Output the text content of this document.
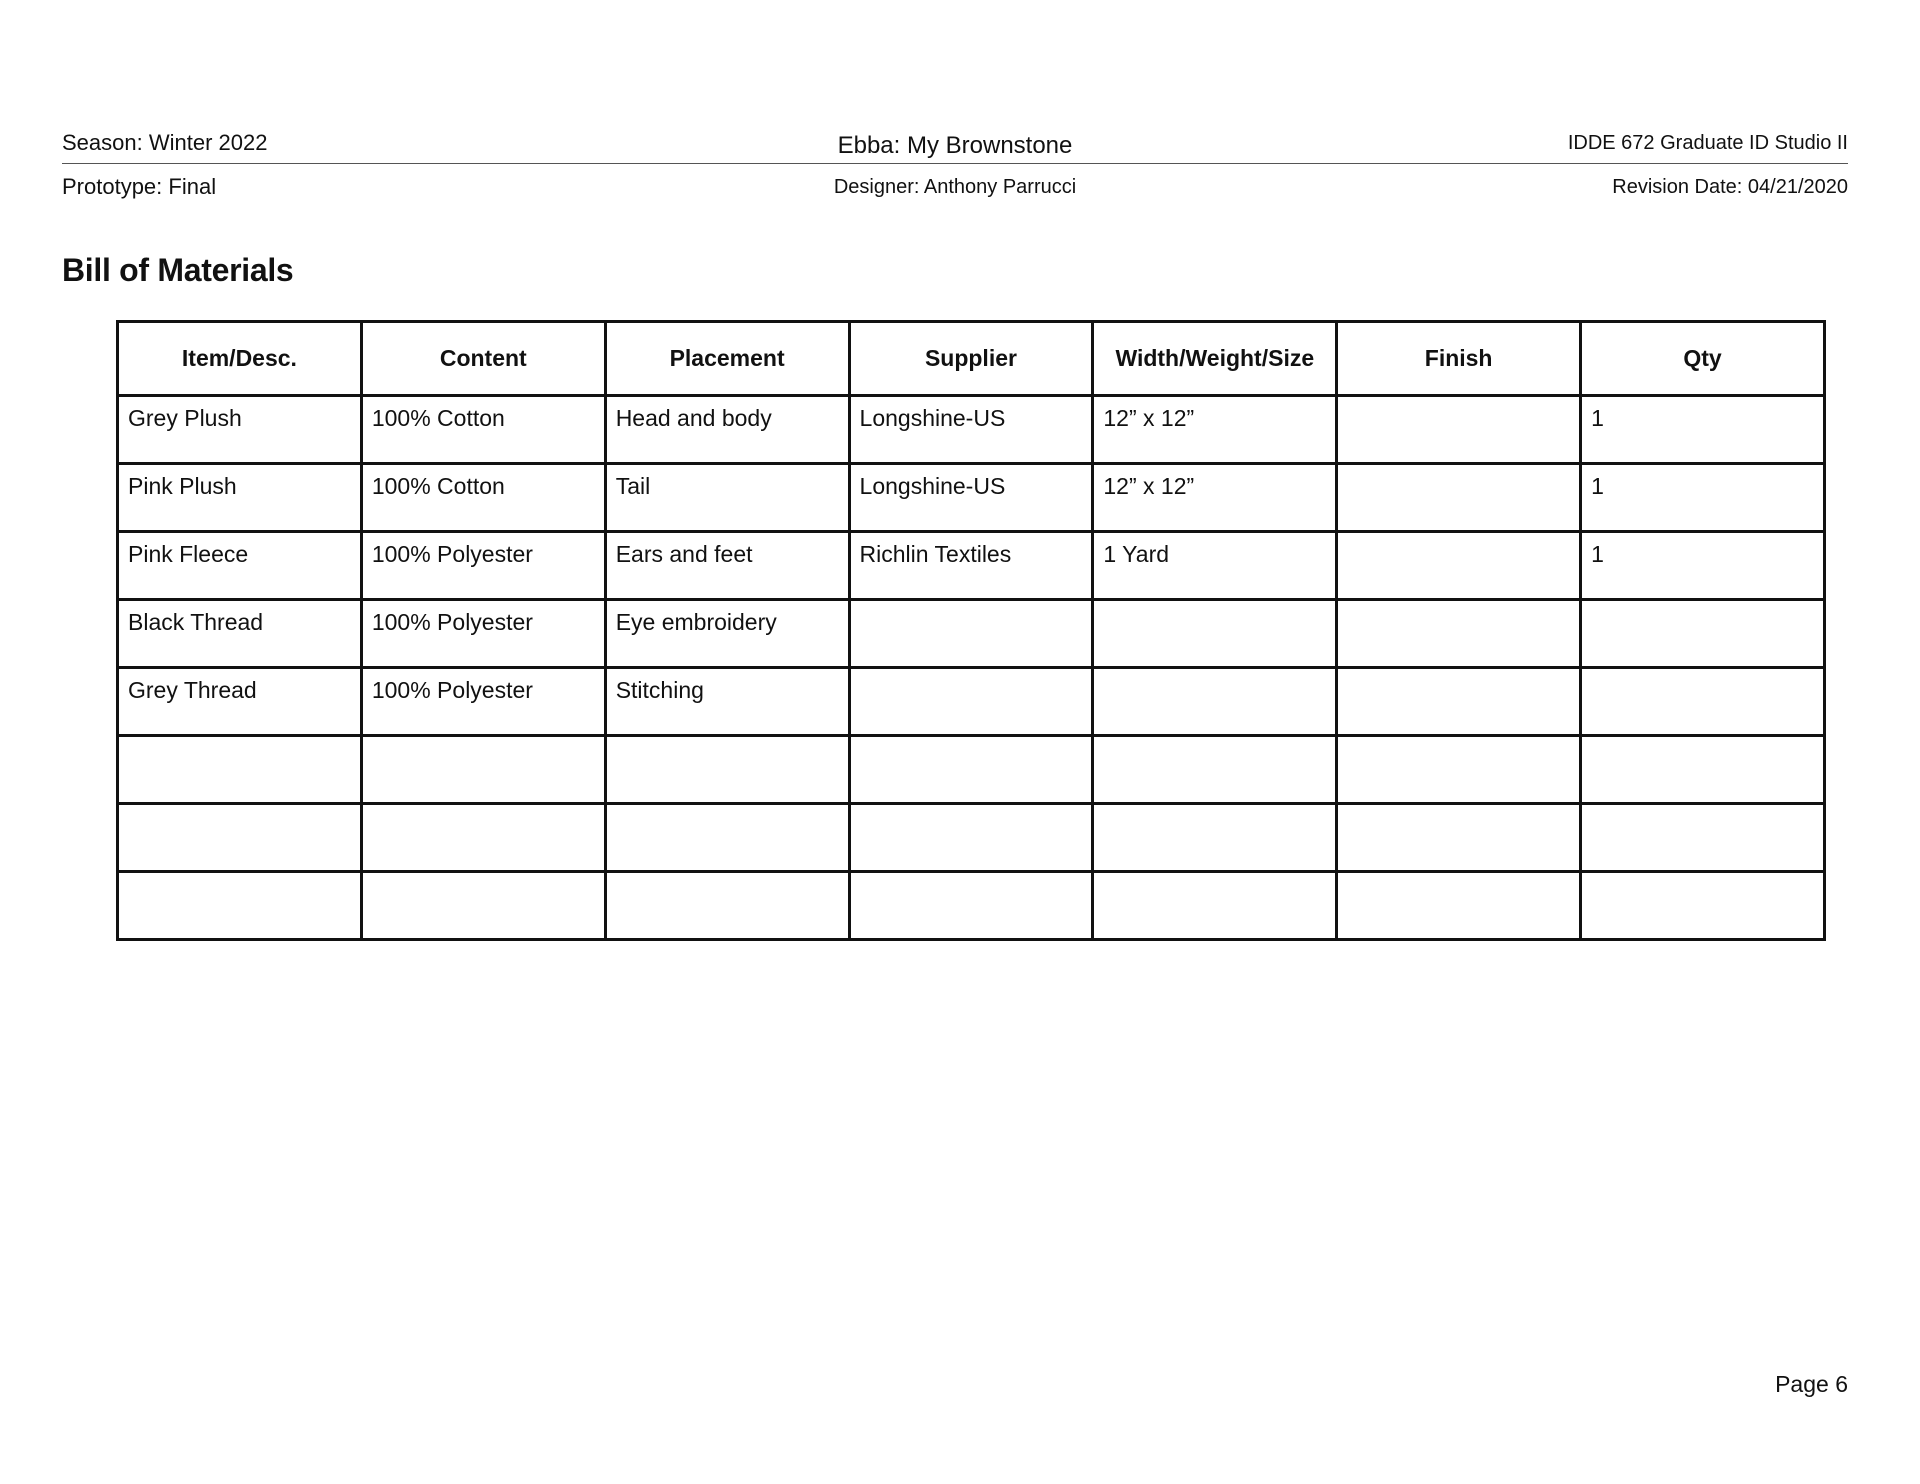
Season: Winter 2022	Ebba: My Brownstone	IDDE 672 Graduate ID Studio II
Prototype: Final	Designer: Anthony Parrucci	Revision Date: 04/21/2020
Bill of Materials
Item/Desc.	Content	Placement	Supplier	Width/Weight/Size	Finish	Qty
Grey Plush	100% Cotton	Head and body	Longshine-US	12” x 12”		1
Pink Plush	100% Cotton	Tail	Longshine-US	12” x 12”		1
Pink Fleece	100% Polyester	Ears and feet	Richlin Textiles	1 Yard		1
Black Thread	100% Polyester	Eye embroidery				
Grey Thread	100% Polyester	Stitching				

Page 6
